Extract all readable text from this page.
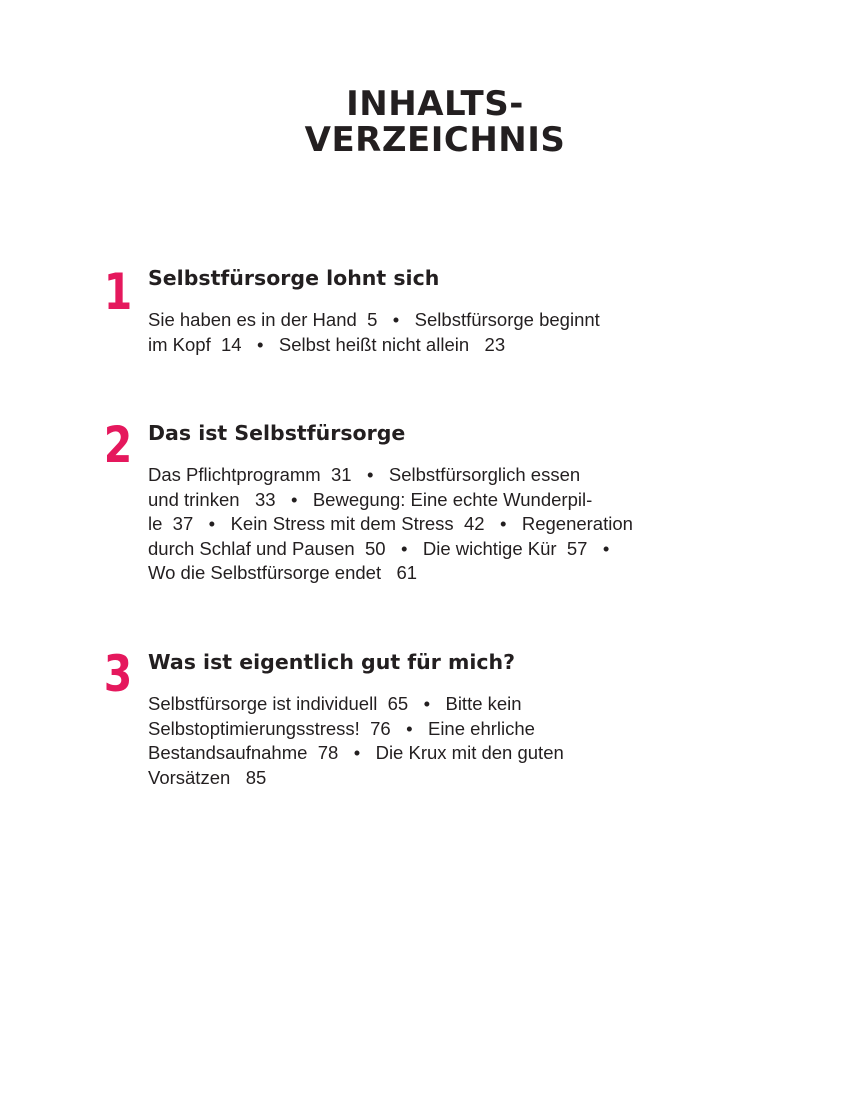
INHALTS-
VERZEICHNIS
1 Selbstfürsorge lohnt sich
Sie haben es in der Hand  5   •   Selbstfürsorge beginnt
im Kopf  14   •   Selbst heißt nicht allein   23
2 Das ist Selbstfürsorge
Das Pflichtprogramm  31   •   Selbstfürsorglich essen
und trinken   33   •   Bewegung: Eine echte Wunderpil-
le  37   •   Kein Stress mit dem Stress  42   •   Regeneration
durch Schlaf und Pausen  50   •   Die wichtige Kür  57   •
Wo die Selbstfürsorge endet   61
3 Was ist eigentlich gut für mich?
Selbstfürsorge ist individuell  65   •   Bitte kein
Selbstoptimierungsstress!  76   •   Eine ehrliche
Bestandsaufnahme  78   •   Die Krux mit den guten
Vorsätzen   85
